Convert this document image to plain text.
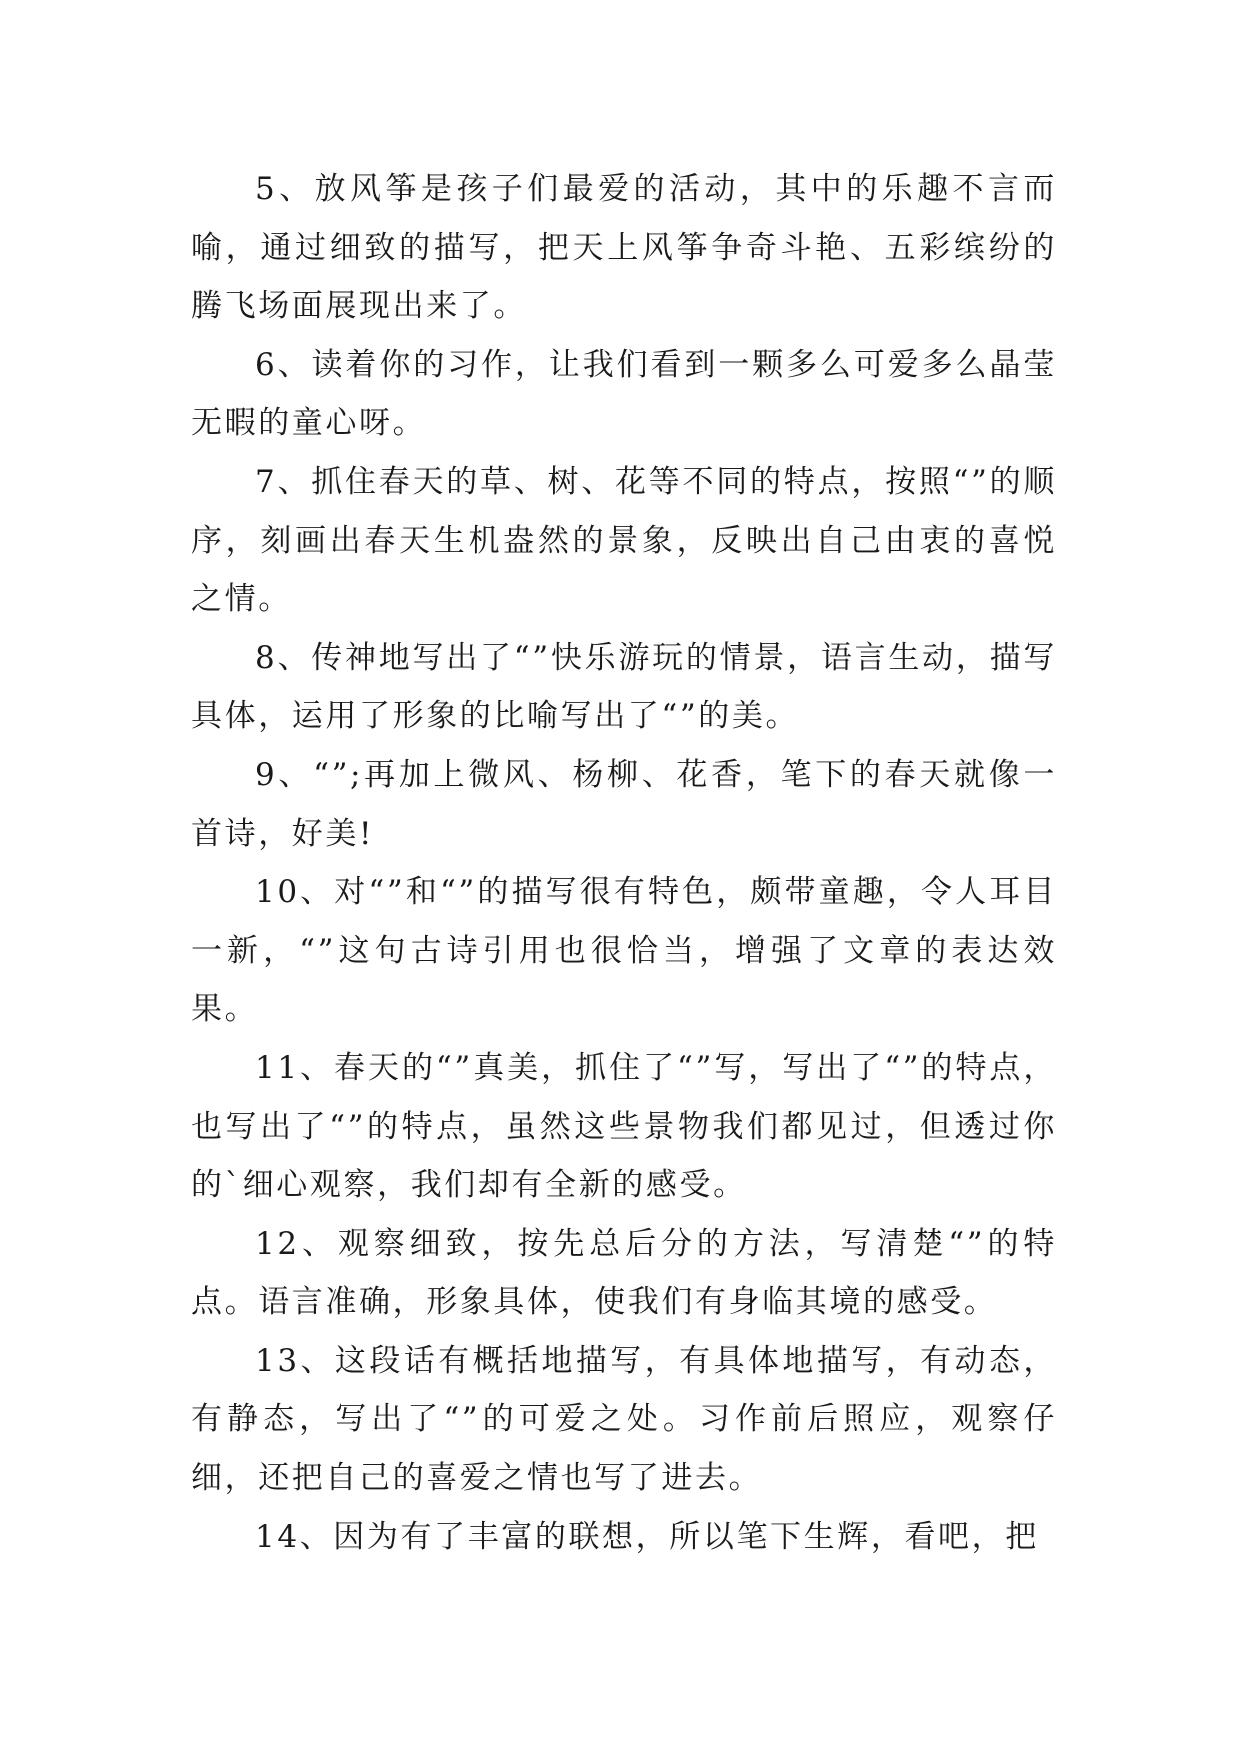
5、放风筝是孩子们最爱的活动，其中的乐趣不言而喻，通过细致的描写，把天上风筝争奇斗艳、五彩缤纷的腾飞场面展现出来了。

6、读着你的习作，让我们看到一颗多么可爱多么晶莹无暇的童心呀。

7、抓住春天的草、树、花等不同的特点，按照“”的顺序，刻画出春天生机盎然的景象，反映出自己由衷的喜悦之情。

8、传神地写出了“”快乐游玩的情景，语言生动，描写具体，运用了形象的比喻写出了“”的美。

9、“”;再加上微风、杨柳、花香，笔下的春天就像一首诗，好美!

10、对“”和“”的描写很有特色，颇带童趣，令人耳目一新，“”这句古诗引用也很恰当，增强了文章的表达效果。

11、春天的“”真美，抓住了“”写，写出了“”的特点，也写出了“”的特点，虽然这些景物我们都见过，但透过你的`细心观察，我们却有全新的感受。

12、观察细致，按先总后分的方法，写清楚“”的特点。语言准确，形象具体，使我们有身临其境的感受。

13、这段话有概括地描写，有具体地描写，有动态，有静态，写出了“”的可爱之处。习作前后照应，观察仔细，还把自己的喜爱之情也写了进去。

14、因为有了丰富的联想，所以笔下生辉，看吧，把
